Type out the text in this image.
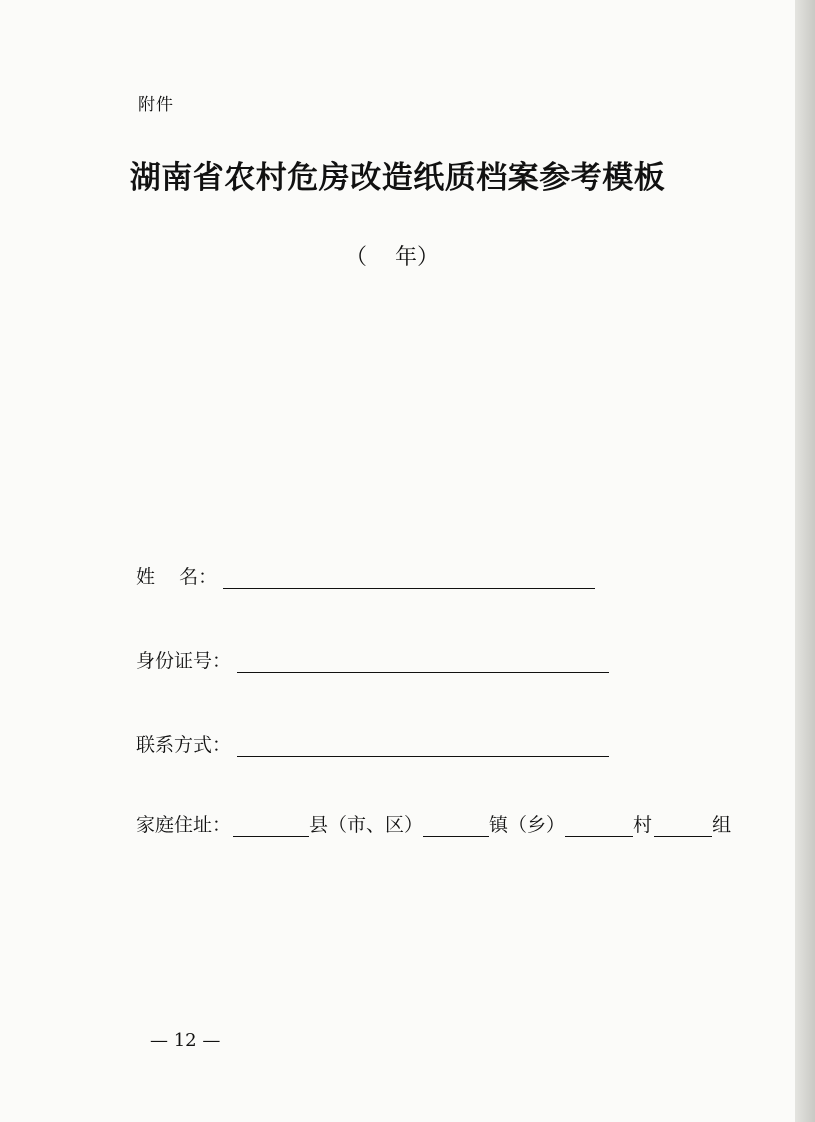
附件
湖南省农村危房改造纸质档案参考模板
（    年）
姓    名：
身份证号：
联系方式：
家庭住址：	县（市、区）	镇（乡）	村	组
— 12 —
